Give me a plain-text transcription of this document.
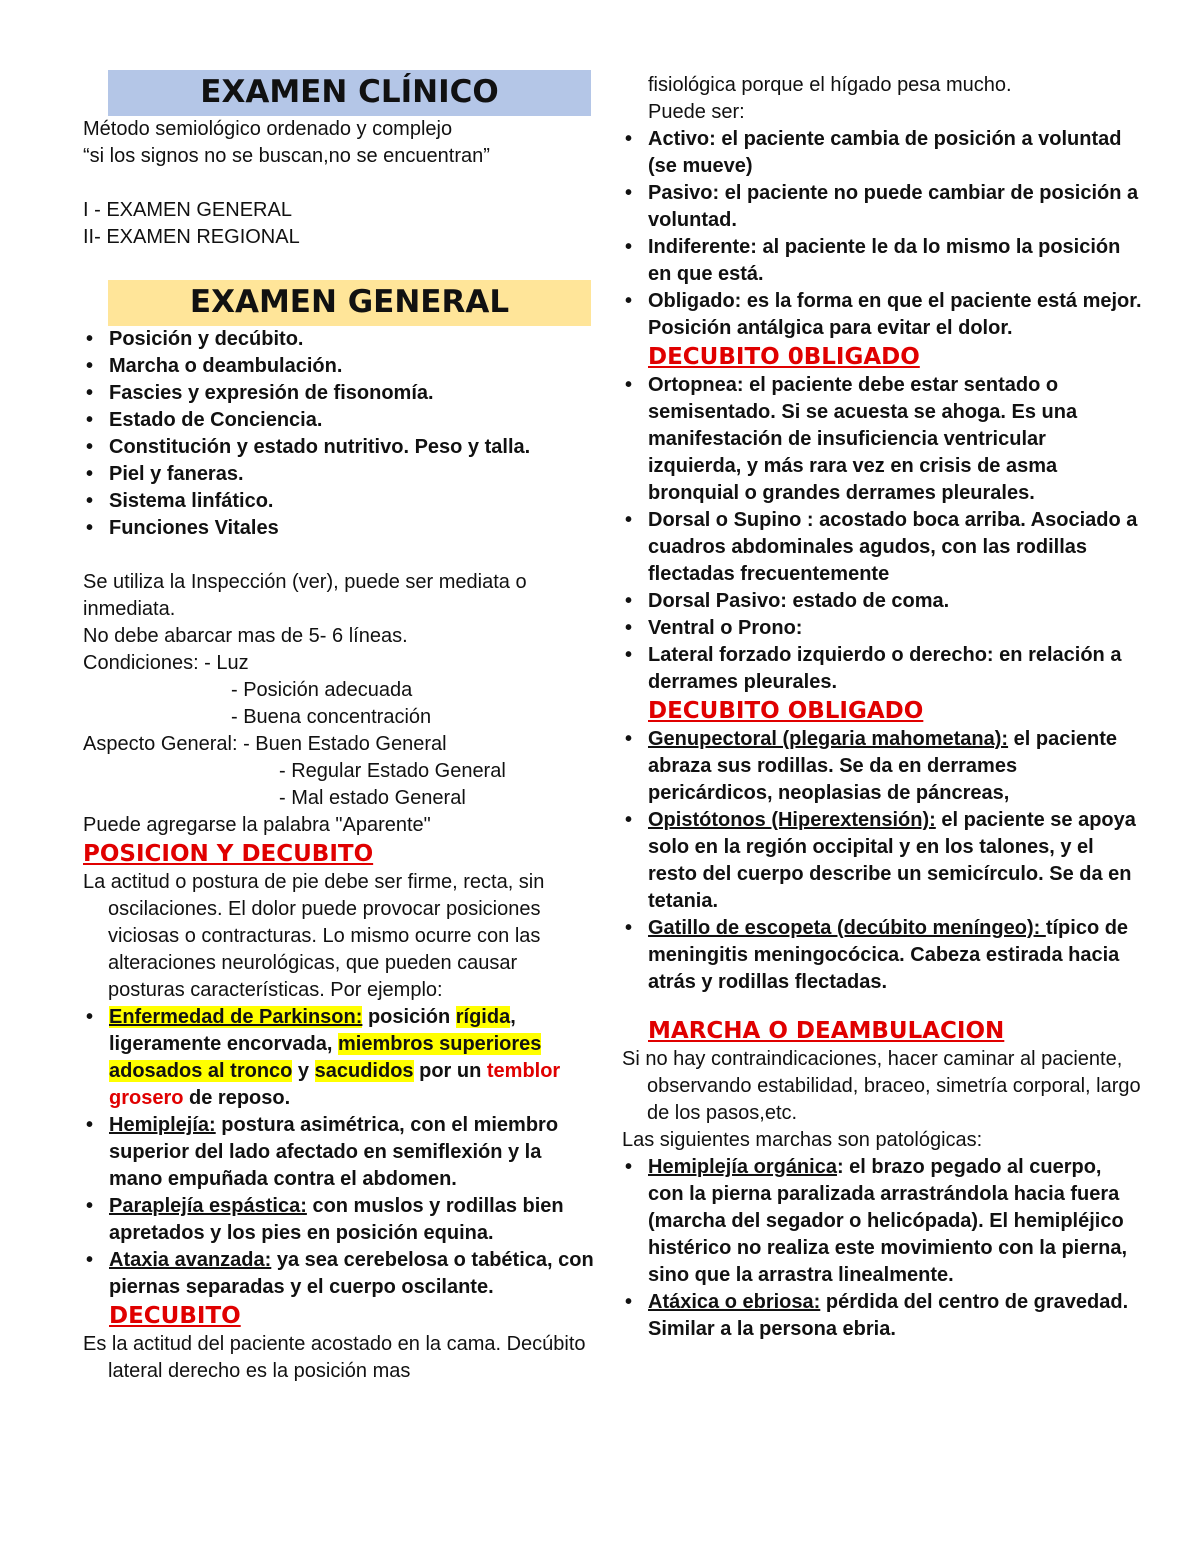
EXAMEN CLÍNICO
Método semiológico ordenado y complejo
“si los signos no se buscan,no se encuentran”
I - EXAMEN GENERAL
II- EXAMEN REGIONAL
EXAMEN GENERAL
• Posición y decúbito.
• Marcha o deambulación.
• Fascies y expresión de fisonomía.
• Estado de Conciencia.
• Constitución y estado nutritivo. Peso y talla.
• Piel y faneras.
• Sistema linfático.
• Funciones Vitales
Se utiliza la Inspección (ver), puede ser mediata o inmediata.
No debe abarcar mas de 5- 6 líneas.
Condiciones: - Luz
- Posición adecuada
- Buena concentración
Aspecto General: - Buen Estado General
- Regular Estado General
- Mal estado General
Puede agregarse la palabra "Aparente"
POSICION Y DECUBITO
La actitud o postura de pie debe ser firme, recta, sin oscilaciones. El dolor puede provocar posiciones viciosas o contracturas. Lo mismo ocurre con las alteraciones neurológicas, que pueden causar posturas características. Por ejemplo:
• Enfermedad de Parkinson: posición rígida, ligeramente encorvada, miembros superiores adosados al tronco y sacudidos por un temblor grosero de reposo.
• Hemiplejía: postura asimétrica, con el miembro superior del lado afectado en semiflexión y la mano empuñada contra el abdomen.
• Paraplejía espástica: con muslos y rodillas bien apretados y los pies en posición equina.
• Ataxia avanzada: ya sea cerebelosa o tabética, con piernas separadas y el cuerpo oscilante.
DECUBITO
Es la actitud del paciente acostado en la cama. Decúbito lateral derecho es la posición mas
fisiológica porque el hígado pesa mucho.
Puede ser:
• Activo: el paciente cambia de posición a voluntad (se mueve)
• Pasivo: el paciente no puede cambiar de posición a voluntad.
• Indiferente: al paciente le da lo mismo la posición en que está.
• Obligado: es la forma en que el paciente está mejor. Posición antálgica para evitar el dolor.
DECUBITO 0BLIGADO
• Ortopnea: el paciente debe estar sentado o semisentado. Si se acuesta se ahoga. Es una manifestación de insuficiencia ventricular izquierda, y más rara vez en crisis de asma bronquial o grandes derrames pleurales.
• Dorsal o Supino : acostado boca arriba. Asociado a cuadros abdominales agudos, con las rodillas flectadas frecuentemente
• Dorsal Pasivo: estado de coma.
• Ventral o Prono:
• Lateral forzado izquierdo o derecho: en relación a derrames pleurales.
DECUBITO OBLIGADO
• Genupectoral (plegaria mahometana): el paciente abraza sus rodillas. Se da en derrames pericárdicos, neoplasias de páncreas,
• Opistótonos (Hiperextensión): el paciente se apoya solo en la región occipital y en los talones, y el resto del cuerpo describe un semicírculo. Se da en tetania.
• Gatillo de escopeta (decúbito meníngeo): típico de meningitis meningocócica. Cabeza estirada hacia atrás y rodillas flectadas.
MARCHA O DEAMBULACION
Si no hay contraindicaciones, hacer caminar al paciente, observando estabilidad, braceo, simetría corporal, largo de los pasos,etc.
Las siguientes marchas son patológicas:
• Hemiplejía orgánica: el brazo pegado al cuerpo, con la pierna paralizada arrastrándola hacia fuera (marcha del segador o helicópada). El hemipléjico histérico no realiza este movimiento con la pierna, sino que la arrastra linealmente.
• Atáxica o ebriosa: pérdida del centro de gravedad. Similar a la persona ebria.
